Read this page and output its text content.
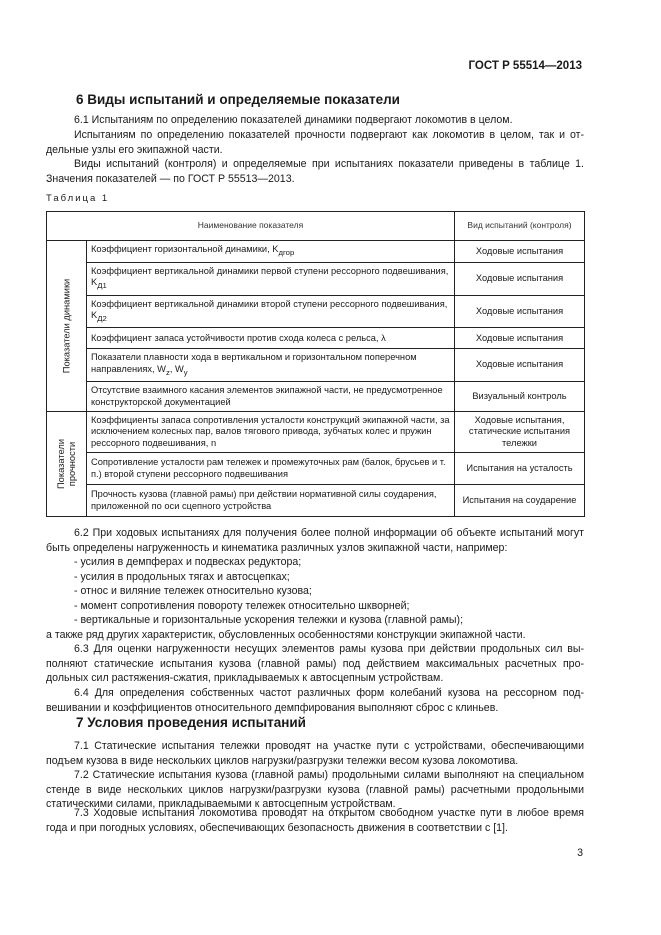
ГОСТ Р 55514—2013
6 Виды испытаний и определяемые показатели
6.1 Испытаниям по определению показателей динамики подвергают локомотив в целом.
Испытаниям по определению показателей прочности подвергают как локомотив в целом, так и отдельные узлы его экипажной части.
Виды испытаний (контроля) и определяемые при испытаниях показатели приведены в таблице 1. Значения показателей — по ГОСТ Р 55513—2013.
Таблица 1
Наименование показателя		Вид испытаний (контроля)

Показатели динамики	Коэффициент горизонтальной динамики, $K_{дгор}$	Ходовые испытания
	Коэффициент вертикальной динамики первой ступени рессорного подвешивания, $K_{Д1}$	Ходовые испытания
	Коэффициент вертикальной динамики второй ступени рессорного подвешивания, $K_{Д2}$	Ходовые испытания
	Коэффициент запаса устойчивости против схода колеса с рельса, λ	Ходовые испытания
	Показатели плавности хода в вертикальном и горизонтальном поперечном направлениях, $W_z$, $W_y$	Ходовые испытания
	Отсутствие взаимного касания элементов экипажной части, не предусмотренное конструкторской документацией	Визуальный контроль

Показатели прочности	Коэффициенты запаса сопротивления усталости конструкций экипажной части, за исключением колесных пар, валов тягового привода, зубчатых колес и пружин рессорного подвешивания, n	Ходовые испытания, статические испытания тележки
	Сопротивление усталости рам тележек и промежуточных рам (балок, брусьев и т. п.) второй ступени рессорного подвешивания	Испытания на усталость
	Прочность кузова (главной рамы) при действии нормативной силы соударения, приложенной по оси сцепного устройства	Испытания на соударение
6.2 При ходовых испытаниях для получения более полной информации об объекте испытаний могут быть определены нагруженность и кинематика различных узлов экипажной части, например:
- усилия в демпферах и подвесках редуктора;
- усилия в продольных тягах и автосцепках;
- относ и виляние тележек относительно кузова;
- момент сопротивления повороту тележек относительно шкворней;
- вертикальные и горизонтальные ускорения тележки и кузова (главной рамы);
а также ряд других характеристик, обусловленных особенностями конструкции экипажной части.
6.3 Для оценки нагруженности несущих элементов рамы кузова при действии продольных сил выполняют статические испытания кузова (главной рамы) под действием максимальных расчетных продольных сил растяжения-сжатия, прикладываемых к автосцепным устройствам.
6.4 Для определения собственных частот различных форм колебаний кузова на рессорном подвешивании и коэффициентов относительного демпфирования выполняют сброс с клиньев.
7 Условия проведения испытаний
7.1 Статические испытания тележки проводят на участке пути с устройствами, обеспечивающими подъем кузова в виде нескольких циклов нагрузки/разгрузки тележки весом кузова локомотива.
7.2 Статические испытания кузова (главной рамы) продольными силами выполняют на специальном стенде в виде нескольких циклов нагрузки/разгрузки кузова (главной рамы) расчетными продольными статическими силами, прикладываемыми к автосцепным устройствам.
7.3 Ходовые испытания локомотива проводят на открытом свободном участке пути в любое время года и при погодных условиях, обеспечивающих безопасность движения в соответствии с [1].
3
